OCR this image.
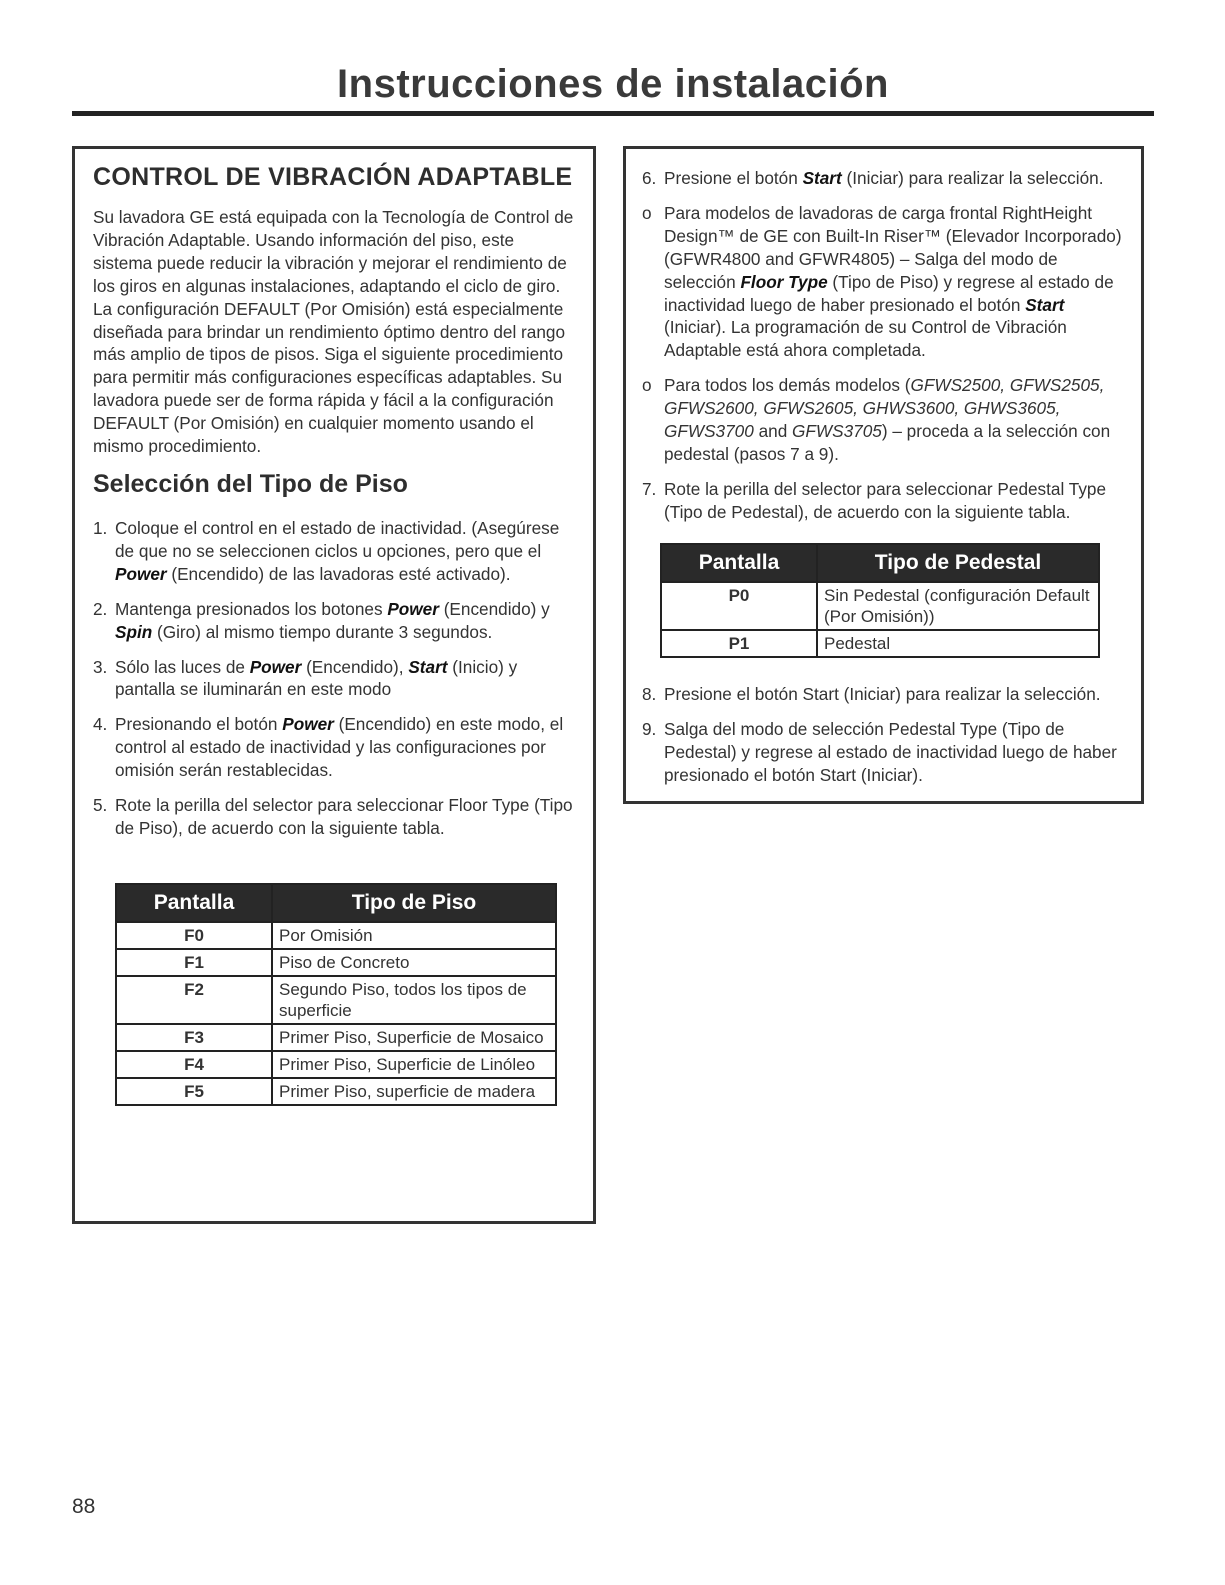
Instrucciones de instalación
CONTROL DE VIBRACIÓN ADAPTABLE

Su lavadora GE está equipada con la Tecnología de Control de Vibración Adaptable. Usando información del piso, este sistema puede reducir la vibración y mejorar el rendimiento de los giros en algunas instalaciones, adaptando el ciclo de giro. La configuración DEFAULT (Por Omisión) está especialmente diseñada para brindar un rendimiento óptimo dentro del rango más amplio de tipos de pisos. Siga el siguiente procedimiento para permitir más configuraciones específicas adaptables. Su lavadora puede ser de forma rápida y fácil a la configuración DEFAULT (Por Omisión) en cualquier momento usando el mismo procedimiento.

Selección del Tipo de Piso
1. Coloque el control en el estado de inactividad. (Asegúrese de que no se seleccionen ciclos u opciones, pero que el Power (Encendido) de las lavadoras esté activado).
2. Mantenga presionados los botones Power (Encendido) y Spin (Giro) al mismo tiempo durante 3 segundos.
3. Sólo las luces de Power (Encendido), Start (Inicio) y pantalla se iluminarán en este modo
4. Presionando el botón Power (Encendido) en este modo, el control al estado de inactividad y las configuraciones por omisión serán restablecidas.
5. Rote la perilla del selector para seleccionar Floor Type (Tipo de Piso), de acuerdo con la siguiente tabla.
Pantalla	Tipo de Piso
F0	Por Omisión
F1	Piso de Concreto
F2	Segundo Piso, todos los tipos de superficie
F3	Primer Piso, Superficie de Mosaico
F4	Primer Piso, Superficie de Linóleo
F5	Primer Piso, superficie de madera
6. Presione el botón Start (Iniciar) para realizar la selección.
o Para modelos de lavadoras de carga frontal RightHeight Design™ de GE con Built-In Riser™ (Elevador Incorporado) (GFWR4800 and GFWR4805) – Salga del modo de selección Floor Type (Tipo de Piso) y regrese al estado de inactividad luego de haber presionado el botón Start (Iniciar). La programación de su Control de Vibración Adaptable está ahora completada.
o Para todos los demás modelos (GFWS2500, GFWS2505, GFWS2600, GFWS2605, GHWS3600, GHWS3605, GFWS3700 and GFWS3705) – proceda a la selección con pedestal (pasos 7 a 9).
7. Rote la perilla del selector para seleccionar Pedestal Type (Tipo de Pedestal), de acuerdo con la siguiente tabla.
Pantalla	Tipo de Pedestal
P0	Sin Pedestal (configuración Default (Por Omisión))
P1	Pedestal
8. Presione el botón Start (Iniciar) para realizar la selección.
9. Salga del modo de selección Pedestal Type (Tipo de Pedestal) y regrese al estado de inactividad luego de haber presionado el botón Start (Iniciar).
88
